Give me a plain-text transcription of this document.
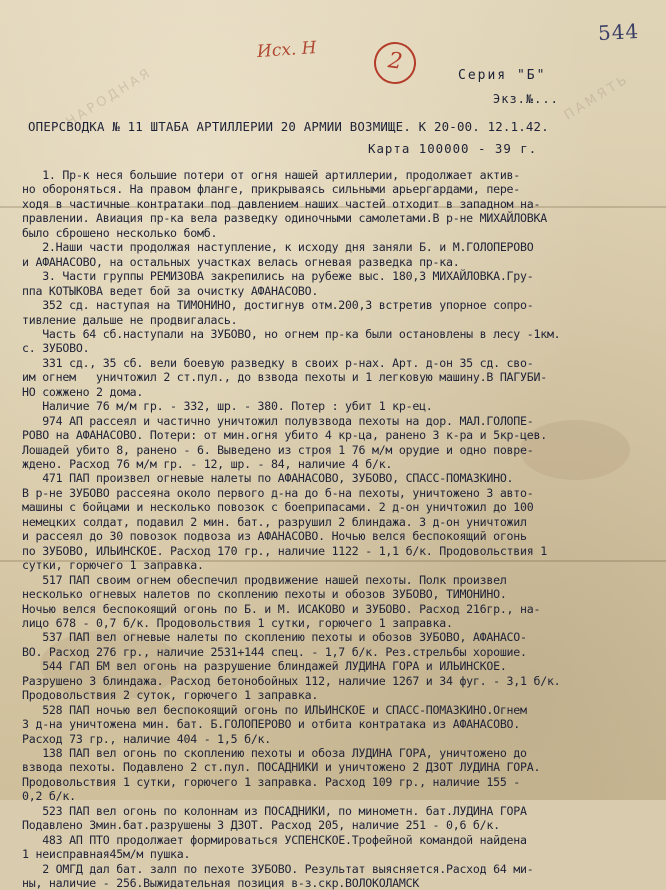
НАРОДНАЯ	ПАМЯТЬ
544
Исх. Н	2
Серия "Б"
Экз.№...
ОПЕРСВОДКА № 11 ШТАБА АРТИЛЛЕРИИ 20 АРМИИ ВОЗМИЩЕ. К 20-00. 12.1.42.
Карта 100000 - 39 г.
1. Пр-к неся большие потери от огня нашей артиллерии, продолжает актив-
но обороняться. На правом фланге, прикрываясь сильными арьергардами, пере-
ходя в частичные контратаки под давлением наших частей отходит в западном на-
правлении. Авиация пр-ка вела разведку одиночными самолетами.В р-не МИХАЙЛОВКА
было сброшено несколько бомб.
2.Наши части продолжая наступление, к исходу дня заняли Б. и М.ГОЛОПЕРОВО
и АФАНАСОВО, на остальных участках велась огневая разведка пр-ка.
3. Части группы РЕМИЗОВА закрепились на рубеже выс. 180,3 МИХАЙЛОВКА.Гру-
ппа КОТЫКОВА ведет бой за очистку АФАНАСОВО.
352 сд. наступая на ТИМОНИНО, достигнув отм.200,3 встретив упорное сопро-
тивление дальше не продвигалась.
Часть 64 сб.наступали на ЗУБОВО, но огнем пр-ка были остановлены в лесу -1км.
с. ЗУБОВО.
331 сд., 35 сб. вели боевую разведку в своих р-нах. Арт. д-он 35 сд. сво-
им огнем   уничтожил 2 ст.пул., до взвода пехоты и 1 легковую машину.В ПАГУБИ-
НО сожжено 2 дома.
Наличие 76 м/м гр. - 332, шр. - 380. Потер : убит 1 кр-ец.
974 АП рассеял и частично уничтожил полувзвода пехоты на дор. МАЛ.ГОЛОПЕ-
РОВО на АФАНАСОВО. Потери: от мин.огня убито 4 кр-ца, ранено 3 к-ра и 5кр-цев.
Лошадей убито 8, ранено - 6. Выведено из строя 1 76 м/м орудие и одно повре-
ждено. Расход 76 м/м гр. - 12, шр. - 84, наличие 4 б/к.
471 ПАП произвел огневые налеты по АФАНАСОВО, ЗУБОВО, СПАСС-ПОМАЗКИНО.
В р-не ЗУБОВО рассеяна около первого д-на до б-на пехоты, уничтожено 3 авто-
машины с бойцами и несколько повозок с боеприпасами. 2 д-он уничтожил до 100
немецких солдат, подавил 2 мин. бат., разрушил 2 блиндажа. 3 д-он уничтожил
и рассеял до 30 повозок подвоза из АФАНАСОВО. Ночью велся беспокоящий огонь
по ЗУБОВО, ИЛЬИНСКОЕ. Расход 170 гр., наличие 1122 - 1,1 б/к. Продовольствия 1
сутки, горючего 1 заправка.
517 ПАП своим огнем обеспечил продвижение нашей пехоты. Полк произвел
несколько огневых налетов по скоплению пехоты и обозов ЗУБОВО, ТИМОНИНО.
Ночью велся беспокоящий огонь по Б. и М. ИСАКОВО и ЗУБОВО. Расход 216гр., на-
лицо 678 - 0,7 б/к. Продовольствия 1 сутки, горючего 1 заправка.
537 ПАП вел огневые налеты по скоплению пехоты и обозов ЗУБОВО, АФАНАСО-
ВО. Расход 276 гр., наличие 2531+144 спец. - 1,7 б/к. Рез.стрельбы хорошие.
544 ГАП БМ вел огонь на разрушение блиндажей ЛУДИНА ГОРА и ИЛЬИНСКОЕ.
Разрушено 3 блиндажа. Расход бетонобойных 112, наличие 1267 и 34 фуг. - 3,1 б/к.
Продовольствия 2 суток, горючего 1 заправка.
528 ПАП ночью вел беспокоящий огонь по ИЛЬИНСКОЕ и СПАСС-ПОМАЗКИНО.Огнем
3 д-на уничтожена мин. бат. Б.ГОЛОПЕРОВО и отбита контратака из АФАНАСОВО.
Расход 73 гр., наличие 404 - 1,5 б/к.
138 ПАП вел огонь по скоплению пехоты и обоза ЛУДИНА ГОРА, уничтожено до
взвода пехоты. Подавлено 2 ст.пул. ПОСАДНИКИ и уничтожено 2 ДЗОТ ЛУДИНА ГОРА.
Продовольствия 1 сутки, горючего 1 заправка. Расход 109 гр., наличие 155 -
0,2 б/к.
523 ПАП вел огонь по колоннам из ПОСАДНИКИ, по минометн. бат.ЛУДИНА ГОРА
Подавлено 3мин.бат.разрушены 3 ДЗОТ. Расход 205, наличие 251 - 0,6 б/к.
483 АП ПТО продолжает формироваться УСПЕНСКОЕ.Трофейной командой найдена
1 неисправная45м/м пушка.
2 ОМГД дал бат. залп по пехоте ЗУБОВО. Результат выясняется.Расход 64 ми-
ны, наличие - 256.Выжидательная позиция в-з.скр.ВОЛОКОЛАМСК
